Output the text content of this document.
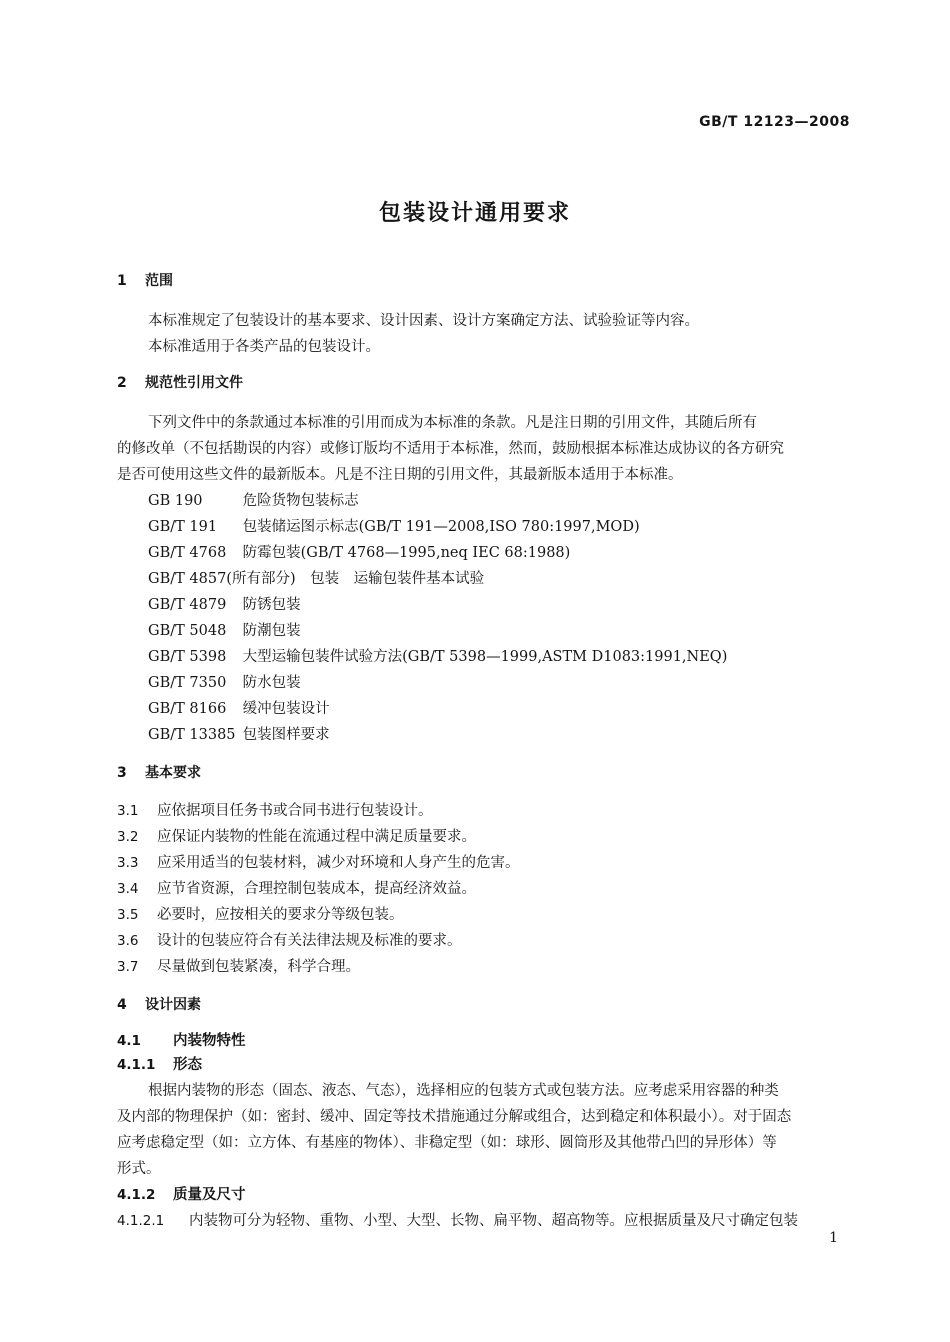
GB/T 12123—2008
包装设计通用要求
1 范围
本标准规定了包装设计的基本要求、设计因素、设计方案确定方法、试验验证等内容。
本标准适用于各类产品的包装设计。
2 规范性引用文件
下列文件中的条款通过本标准的引用而成为本标准的条款。凡是注日期的引用文件，其随后所有
的修改单（不包括勘误的内容）或修订版均不适用于本标准，然而，鼓励根据本标准达成协议的各方研究
是否可使用这些文件的最新版本。凡是不注日期的引用文件，其最新版本适用于本标准。
GB 190	危险货物包装标志
GB/T 191 包装储运图示标志(GB/T 191—2008,ISO 780:1997,MOD)
GB/T 4768 防霉包装(GB/T 4768—1995,neq IEC 68:1988)
GB/T 4857(所有部分)　 包装　运输包装件基本试验
GB/T 4879 防锈包装
GB/T 5048 防潮包装
GB/T 5398 大型运输包装件试验方法(GB/T 5398—1999,ASTM D1083:1991,NEQ)
GB/T 7350 防水包装
GB/T 8166 缓冲包装设计
GB/T 13385 包装图样要求
3 基本要求
3.1 应依据项目任务书或合同书进行包装设计。
3.2 应保证内装物的性能在流通过程中满足质量要求。
3.3 应采用适当的包装材料，减少对环境和人身产生的危害。
3.4 应节省资源，合理控制包装成本，提高经济效益。
3.5 必要时，应按相关的要求分等级包装。
3.6 设计的包装应符合有关法律法规及标准的要求。
3.7 尽量做到包装紧凑，科学合理。
4 设计因素
4.1 内装物特性
4.1.1 形态
根据内装物的形态（固态、液态、气态），选择相应的包装方式或包装方法。应考虑采用容器的种类
及内部的物理保护（如：密封、缓冲、固定等技术措施通过分解或组合，达到稳定和体积最小）。对于固态
应考虑稳定型（如：立方体、有基座的物体）、非稳定型（如：球形、圆筒形及其他带凸凹的异形体）等
形式。
4.1.2 质量及尺寸
4.1.2.1 内装物可分为轻物、重物、小型、大型、长物、扁平物、超高物等。应根据质量及尺寸确定包装
1
